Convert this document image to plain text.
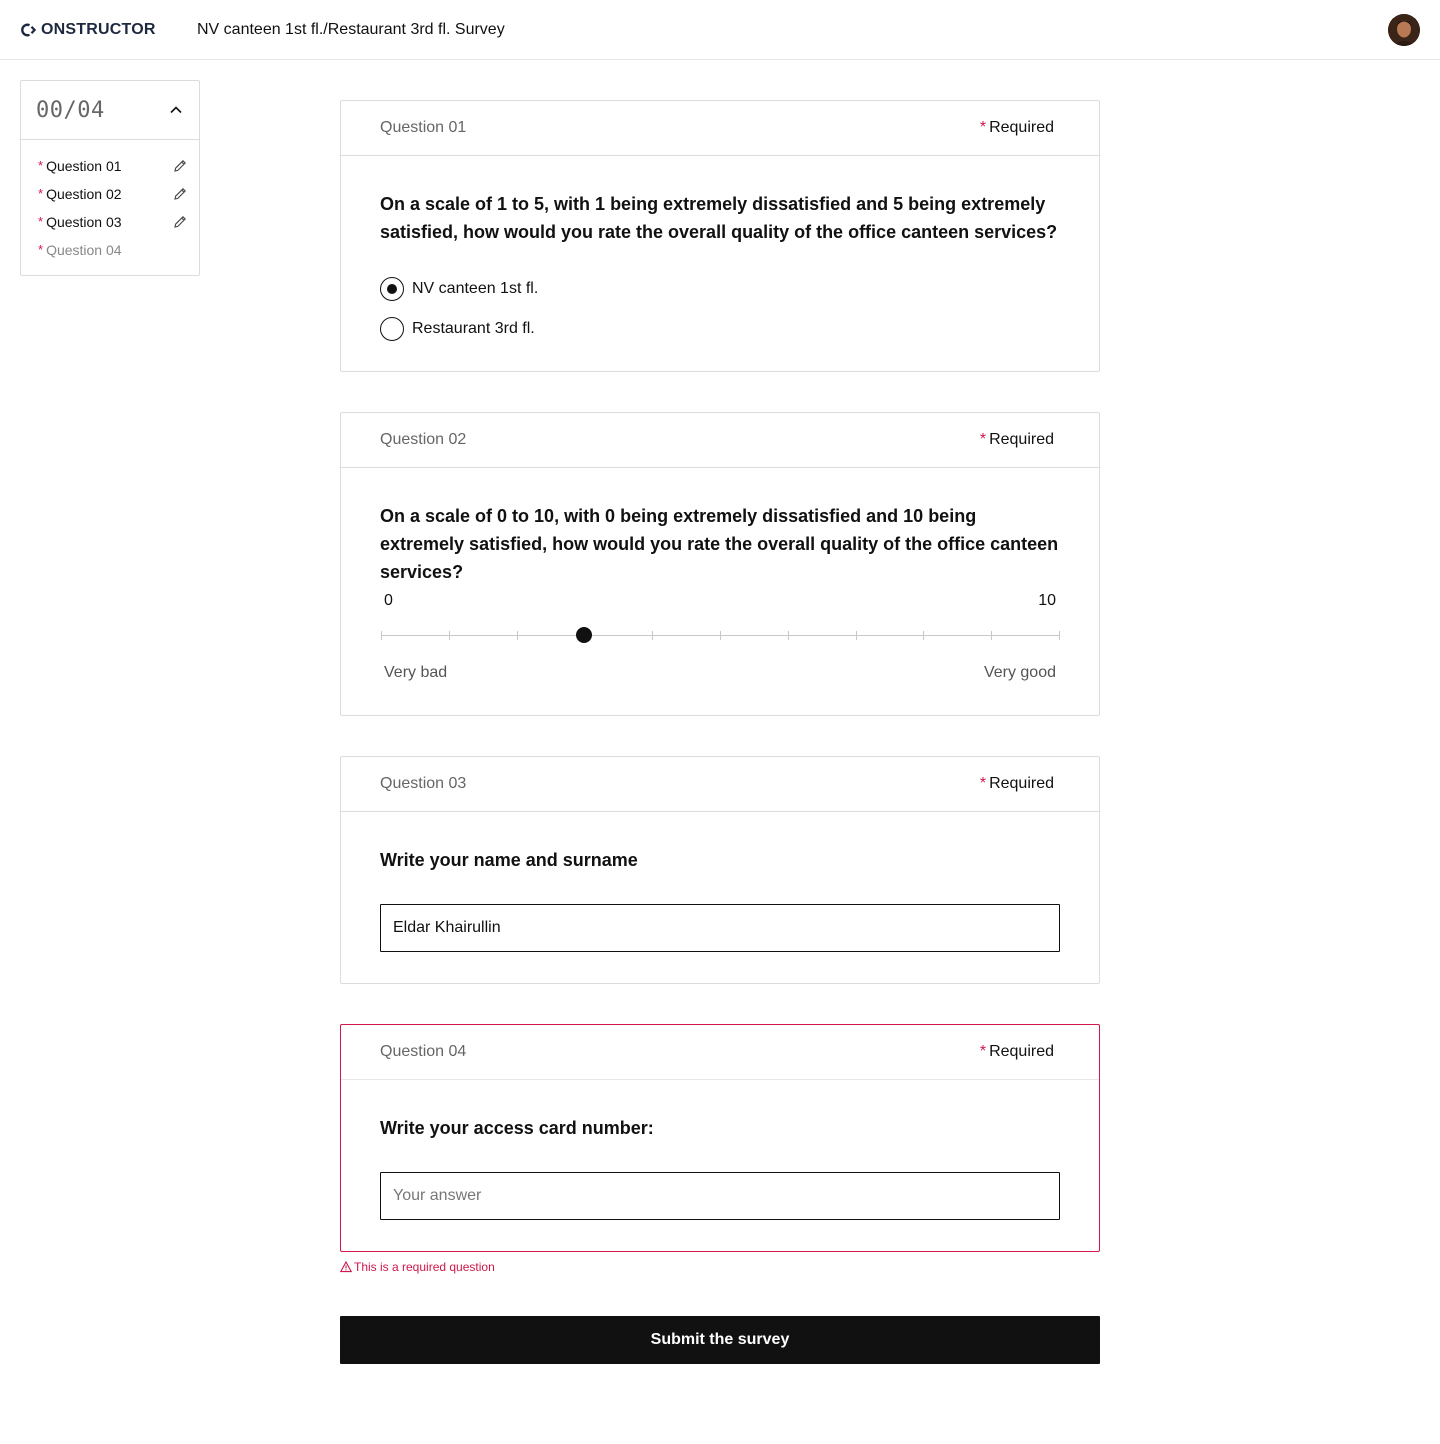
ONSTRUCTOR	NV canteen 1st fl./Restaurant 3rd fl. Survey
00/04
* Question 01
* Question 02
* Question 03
* Question 04
Question 01	* Required
On a scale of 1 to 5, with 1 being extremely dissatisfied and 5 being extremely satisfied, how would you rate the overall quality of the office canteen services?
NV canteen 1st fl.
Restaurant 3rd fl.
Question 02	* Required
On a scale of 0 to 10, with 0 being extremely dissatisfied and 10 being extremely satisfied, how would you rate the overall quality of the office canteen services?
0	10
Very bad	Very good
Question 03	* Required
Write your name and surname
Eldar Khairullin
Question 04	* Required
Write your access card number:
Your answer
This is a required question
Submit the survey
